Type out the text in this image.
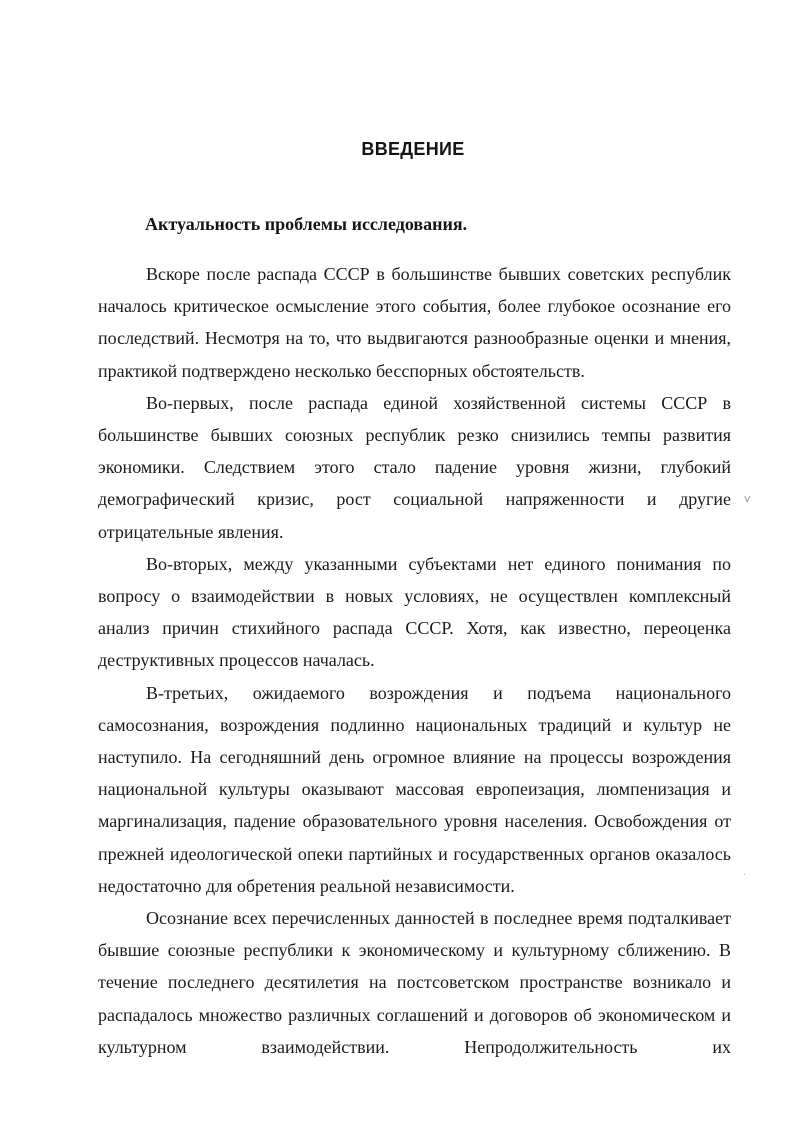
ВВЕДЕНИЕ
Актуальность проблемы исследования.

Вскоре после распада СССР в большинстве бывших советских республик началось критическое осмысление этого события, более глубокое осознание его последствий. Несмотря на то, что выдвигаются разнообразные оценки и мнения, практикой подтверждено несколько бесспорных обстоятельств.

Во-первых, после распада единой хозяйственной системы СССР в большинстве бывших союзных республик резко снизились темпы развития экономики. Следствием этого стало падение уровня жизни, глубокий демографический кризис, рост социальной напряженности и другие отрицательные явления.

Во-вторых, между указанными субъектами нет единого понимания по вопросу о взаимодействии в новых условиях, не осуществлен комплексный анализ причин стихийного распада СССР. Хотя, как известно, переоценка деструктивных процессов началась.

В-третьих, ожидаемого возрождения и подъема национального самосознания, возрождения подлинно национальных традиций и культур не наступило. На сегодняшний день огромное влияние на процессы возрождения национальной культуры оказывают массовая европеизация, люмпенизация и маргинализация, падение образовательного уровня населения. Освобождения от прежней идеологической опеки партийных и государственных органов оказалось недостаточно для обретения реальной независимости.

Осознание всех перечисленных данностей в последнее время подталкивает бывшие союзные республики к экономическому и культурному сближению. В течение последнего десятилетия на постсоветском пространстве возникало и распадалось множество различных соглашений и договоров об экономическом и культурном взаимодействии. Непродолжительность их

v
.
